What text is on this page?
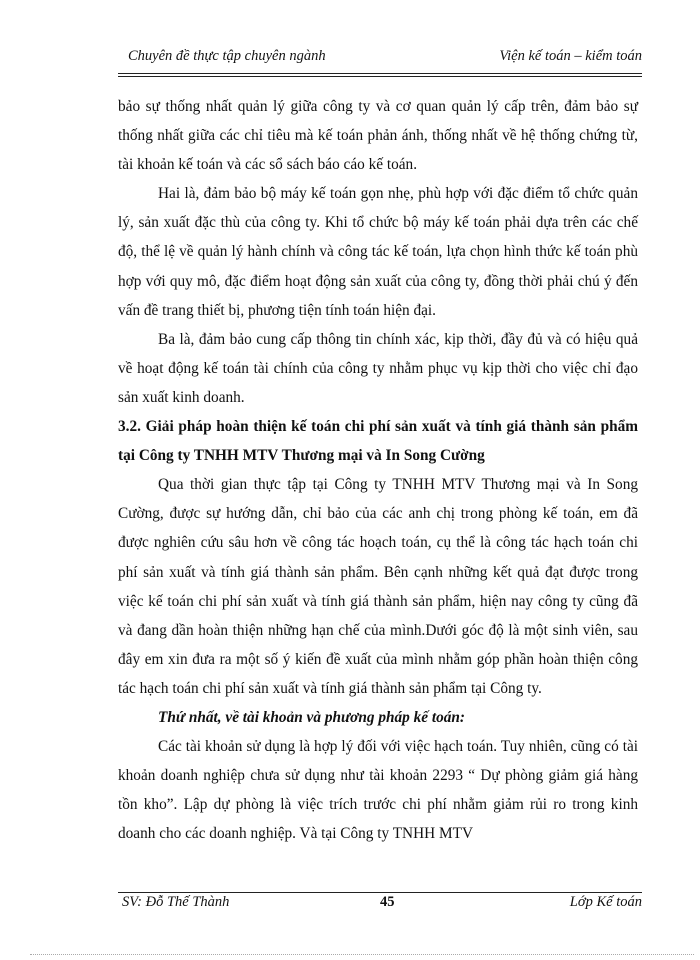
Chuyên đề thực tập chuyên ngành	Viện kế toán – kiểm toán

bảo sự thống nhất quản lý giữa công ty và cơ quan quản lý cấp trên, đảm bảo sự thống nhất giữa các chỉ tiêu mà kế toán phản ánh, thống nhất về hệ thống chứng từ, tài khoản kế toán và các sổ sách báo cáo kế toán.

Hai là, đảm bảo bộ máy kế toán gọn nhẹ, phù hợp với đặc điểm tổ chức quản lý, sản xuất đặc thù của công ty. Khi tổ chức bộ máy kế toán phải dựa trên các chế độ, thể lệ về quản lý hành chính và công tác kế toán, lựa chọn hình thức kế toán phù hợp với quy mô, đặc điểm hoạt động sản xuất của công ty, đồng thời phải chú ý đến vấn đề trang thiết bị, phương tiện tính toán hiện đại.

Ba là, đảm bảo cung cấp thông tin chính xác, kịp thời, đầy đủ và có hiệu quả về hoạt động kế toán tài chính của công ty nhằm phục vụ kịp thời cho việc chỉ đạo sản xuất kinh doanh.

3.2. Giải pháp hoàn thiện kế toán chi phí sản xuất và tính giá thành sản phẩm tại Công ty TNHH MTV Thương mại và In Song Cường

Qua thời gian thực tập tại Công ty TNHH MTV Thương mại và In Song Cường, được sự hướng dẫn, chỉ bảo của các anh chị trong phòng kế toán, em đã được nghiên cứu sâu hơn về công tác hoạch toán, cụ thể là công tác hạch toán chi phí sản xuất và tính giá thành sản phẩm. Bên cạnh những kết quả đạt được trong việc kế toán chi phí sản xuất và tính giá thành sản phẩm, hiện nay công ty cũng đã và đang dần hoàn thiện những hạn chế của mình.Dưới góc độ là một sinh viên, sau đây em xin đưa ra một số ý kiến đề xuất của mình nhằm góp phần hoàn thiện công tác hạch toán chi phí sản xuất và tính giá thành sản phẩm tại Công ty.

Thứ nhất, về tài khoản và phương pháp kế toán:

Các tài khoản sử dụng là hợp lý đối với việc hạch toán. Tuy nhiên, cũng có tài khoản doanh nghiệp chưa sử dụng như tài khoản 2293 “ Dự phòng giảm giá hàng tồn kho”. Lập dự phòng là việc trích trước chi phí nhằm giảm rủi ro trong kinh doanh cho các doanh nghiệp. Và tại Công ty TNHH MTV

SV: Đỗ Thế Thành	45	Lớp Kế toán
